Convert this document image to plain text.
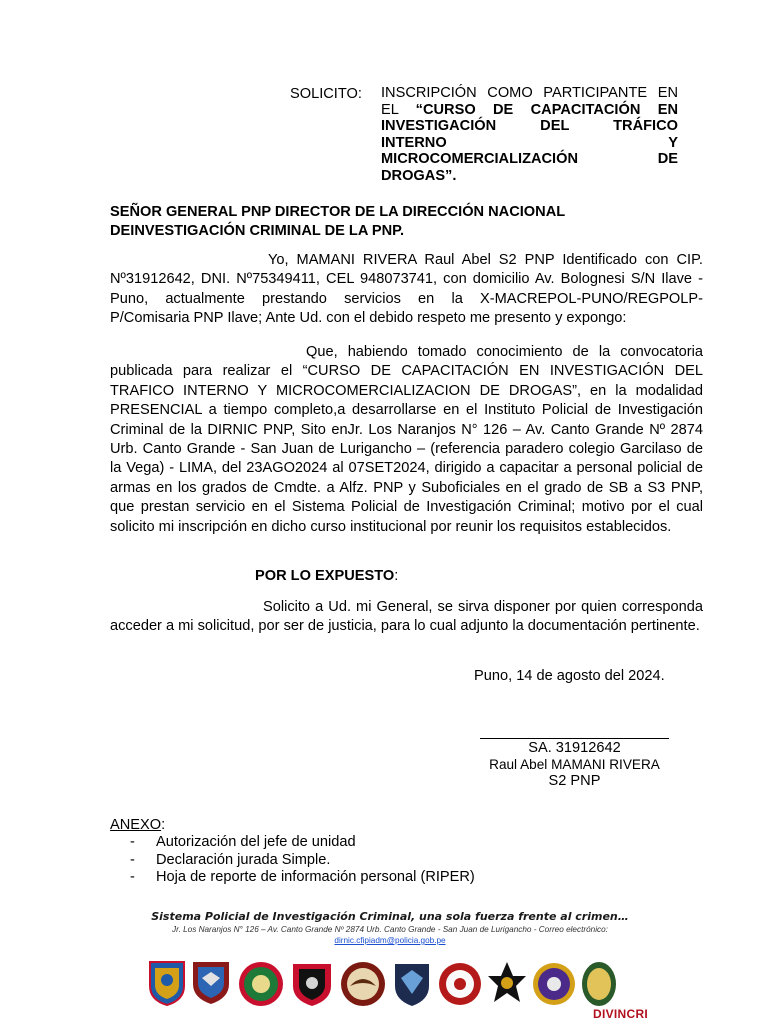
SOLICITO: INSCRIPCIÓN COMO PARTICIPANTE EN
EL “CURSO DE CAPACITACIÓN EN
INVESTIGACIÓN DEL TRÁFICO
INTERNO Y
MICROCOMERCIALIZACIÓN DE
DROGAS”.
SEÑOR GENERAL PNP DIRECTOR DE LA DIRECCIÓN NACIONAL
DEINVESTIGACIÓN CRIMINAL DE LA PNP.
Yo, MAMANI RIVERA Raul Abel S2 PNP Identificado con CIP. Nº31912642, DNI. Nº75349411, CEL 948073741, con domicilio Av. Bolognesi S/N Ilave - Puno, actualmente prestando servicios en la X-MACREPOL-PUNO/REGPOLP-P/Comisaria PNP Ilave; Ante Ud. con el debido respeto me presento y expongo:
Que, habiendo tomado conocimiento de la convocatoria publicada para realizar el “CURSO DE CAPACITACIÓN EN INVESTIGACIÓN DEL TRAFICO INTERNO Y MICROCOMERCIALIZACION DE DROGAS”, en la modalidad PRESENCIAL a tiempo completo,a desarrollarse en el Instituto Policial de Investigación Criminal de la DIRNIC PNP, Sito enJr. Los Naranjos N° 126 – Av. Canto Grande Nº 2874 Urb. Canto Grande - San Juan de Lurigancho – (referencia paradero colegio Garcilaso de la Vega) - LIMA, del 23AGO2024 al 07SET2024, dirigido a capacitar a personal policial de armas en los grados de Cmdte. a Alfz. PNP y Suboficiales en el grado de SB a S3 PNP, que prestan servicio en el Sistema Policial de Investigación Criminal; motivo por el cual solicito mi inscripción en dicho curso institucional por reunir los requisitos establecidos.
POR LO EXPUESTO:
Solicito a Ud. mi General, se sirva disponer por quien corresponda acceder a mi solicitud, por ser de justicia, para lo cual adjunto la documentación pertinente.
Puno, 14 de agosto del 2024.
SA. 31912642
Raul Abel MAMANI RIVERA
S2 PNP
ANEXO:
- Autorización del jefe de unidad
- Declaración jurada Simple.
- Hoja de reporte de información personal (RIPER)
Sistema Policial de Investigación Criminal, una sola fuerza frente al crimen…
Jr. Los Naranjos N° 126 – Av. Canto Grande Nº 2874 Urb. Canto Grande - San Juan de Lurigancho - Correo electrónico:
dirnic.cfipiadm@policia.gob.pe
DIVINCRI
